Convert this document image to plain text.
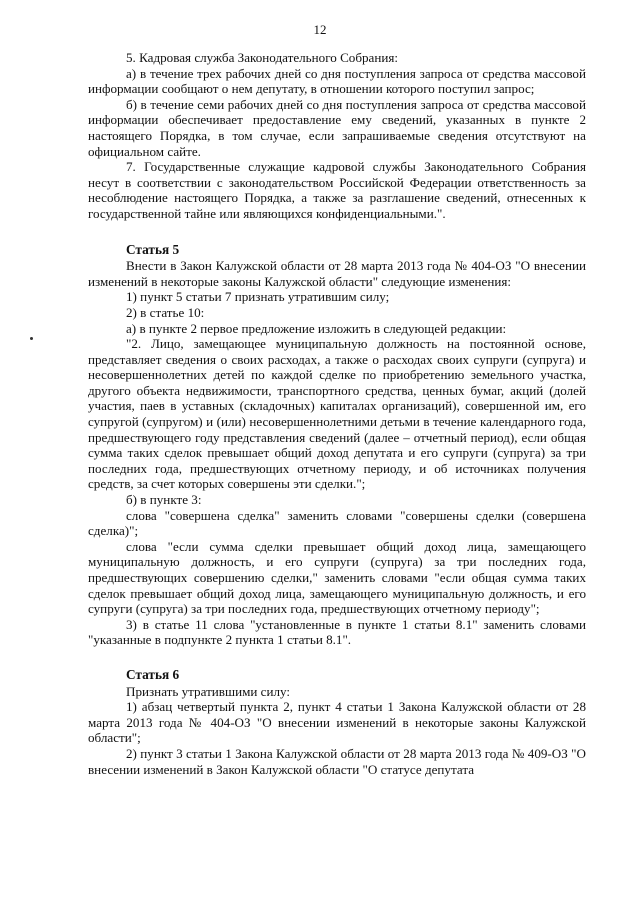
12

5. Кадровая служба Законодательного Собрания:

а) в течение трех рабочих дней со дня поступления запроса от средства массовой информации сообщают о нем депутату, в отношении которого поступил запрос;

б) в течение семи рабочих дней со дня поступления запроса от средства массовой информации обеспечивает предоставление ему сведений, указанных в пункте 2 настоящего Порядка, в том случае, если запрашиваемые сведения отсутствуют на официальном сайте.

7. Государственные служащие кадровой службы Законодательного Собрания несут в соответствии с законодательством Российской Федерации ответственность за несоблюдение настоящего Порядка, а также за разглашение сведений, отнесенных к государственной тайне или являющихся конфиденциальными.".

Статья 5

Внести в Закон Калужской области от 28 марта 2013 года № 404-ОЗ "О внесении изменений в некоторые законы Калужской области" следующие изменения:

1) пункт 5 статьи 7 признать утратившим силу;

2) в статье 10:

а) в пункте 2 первое предложение изложить в следующей редакции:

"2. Лицо, замещающее муниципальную должность на постоянной основе, представляет сведения о своих расходах, а также о расходах своих супруги (супруга) и несовершеннолетних детей по каждой сделке по приобретению земельного участка, другого объекта недвижимости, транспортного средства, ценных бумаг, акций (долей участия, паев в уставных (складочных) капиталах организаций), совершенной им, его супругой (супругом) и (или) несовершеннолетними детьми в течение календарного года, предшествующего году представления сведений (далее – отчетный период), если общая сумма таких сделок превышает общий доход депутата и его супруги (супруга) за три последних года, предшествующих отчетному периоду, и об источниках получения средств, за счет которых совершены эти сделки.";

б) в пункте 3:

слова "совершена сделка" заменить словами "совершены сделки (совершена сделка)";

слова "если сумма сделки превышает общий доход лица, замещающего муниципальную должность, и его супруги (супруга) за три последних года, предшествующих совершению сделки," заменить словами "если общая сумма таких сделок превышает общий доход лица, замещающего муниципальную должность, и его супруги (супруга) за три последних года, предшествующих отчетному периоду";

3) в статье 11 слова "установленные в пункте 1 статьи 8.1" заменить словами "указанные в подпункте 2 пункта 1 статьи 8.1".

Статья 6

Признать утратившими силу:

1) абзац четвертый пункта 2, пункт 4 статьи 1 Закона Калужской области от 28 марта 2013 года № 404-ОЗ "О внесении изменений в некоторые законы Калужской области";

2) пункт 3 статьи 1 Закона Калужской области от 28 марта 2013 года № 409-ОЗ "О внесении изменений в Закон Калужской области "О статусе депутата
